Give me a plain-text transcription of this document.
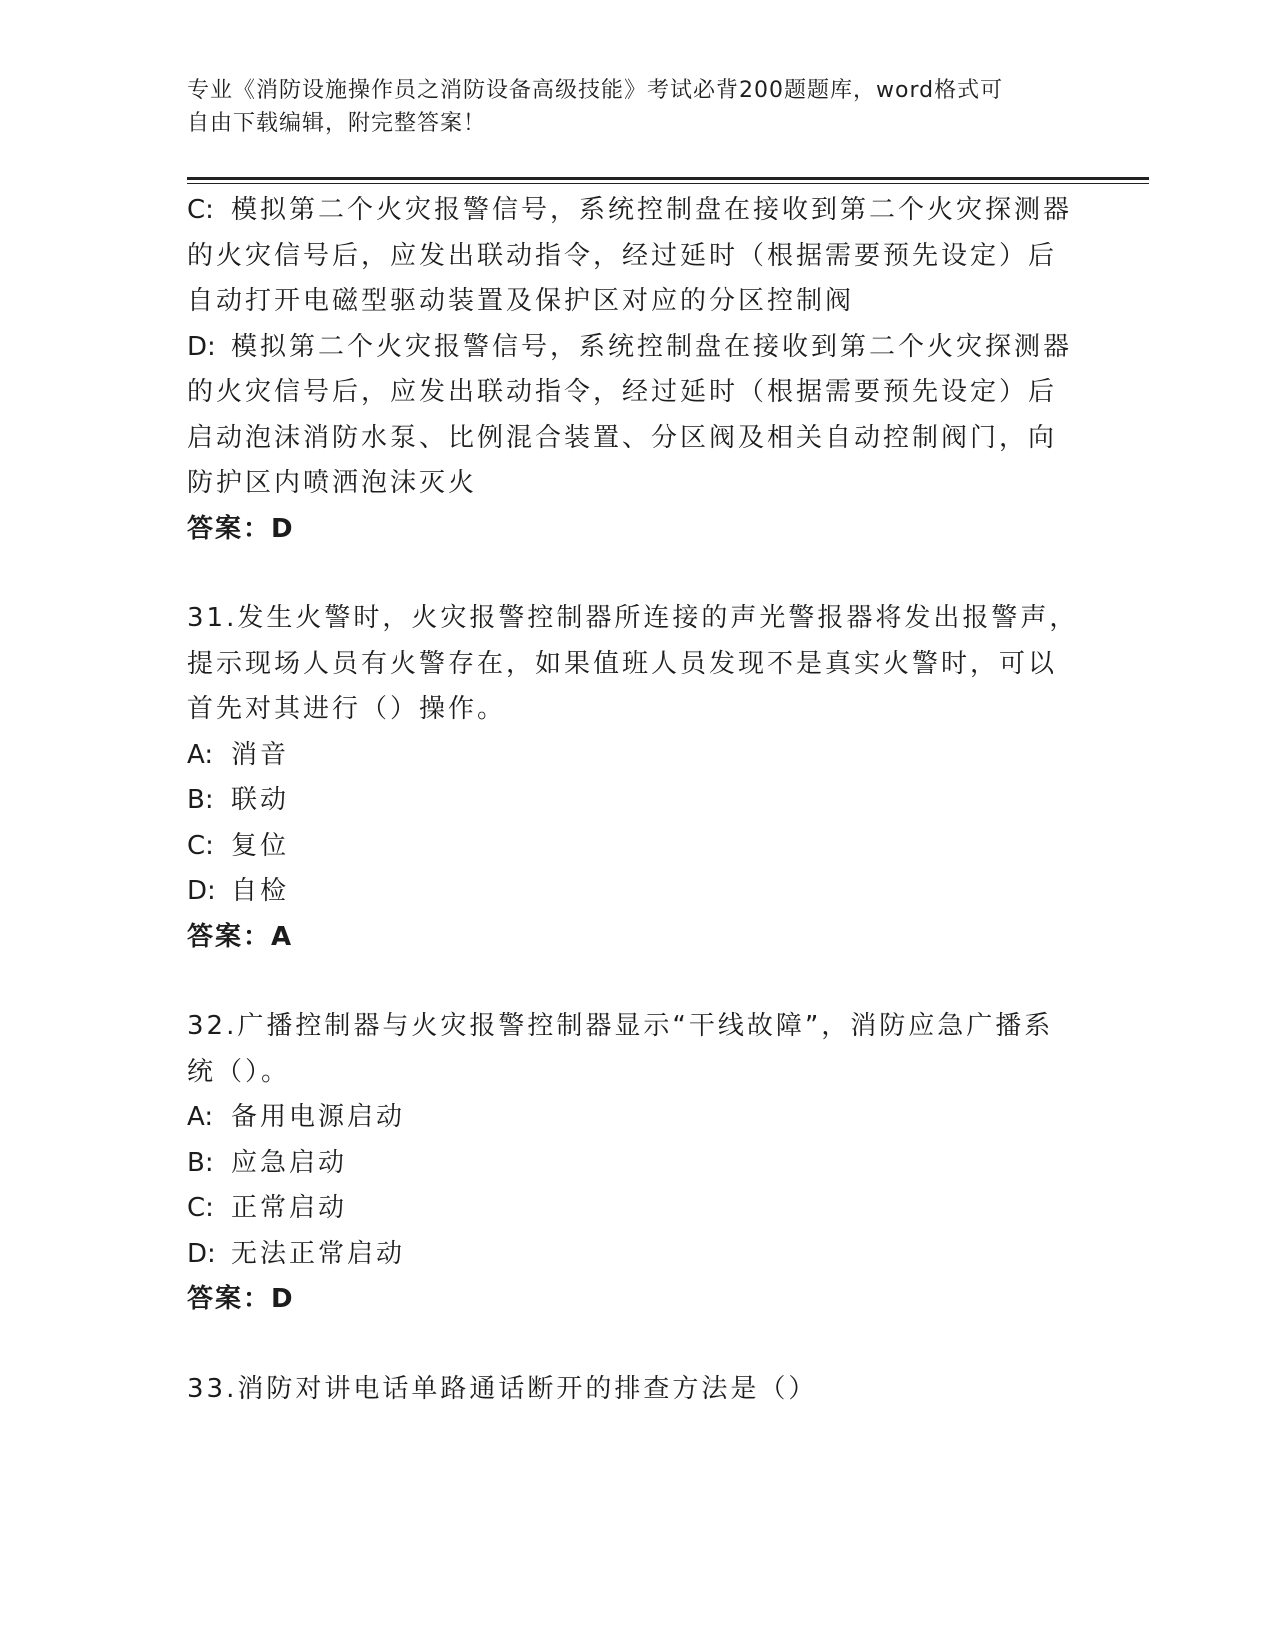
专业《消防设施操作员之消防设备高级技能》考试必背200题题库，word格式可
自由下载编辑，附完整答案！
C: 模拟第二个火灾报警信号，系统控制盘在接收到第二个火灾探测器
的火灾信号后，应发出联动指令，经过延时（根据需要预先设定）后
自动打开电磁型驱动装置及保护区对应的分区控制阀
D: 模拟第二个火灾报警信号，系统控制盘在接收到第二个火灾探测器
的火灾信号后，应发出联动指令，经过延时（根据需要预先设定）后
启动泡沫消防水泵、比例混合装置、分区阀及相关自动控制阀门，向
防护区内喷洒泡沫灭火
答案：D
31.发生火警时，火灾报警控制器所连接的声光警报器将发出报警声，
提示现场人员有火警存在，如果值班人员发现不是真实火警时，可以
首先对其进行（）操作。
A: 消音
B: 联动
C: 复位
D: 自检
答案：A
32.广播控制器与火灾报警控制器显示“干线故障”，消防应急广播系
统（）。
A: 备用电源启动
B: 应急启动
C: 正常启动
D: 无法正常启动
答案：D
33.消防对讲电话单路通话断开的排查方法是（）
